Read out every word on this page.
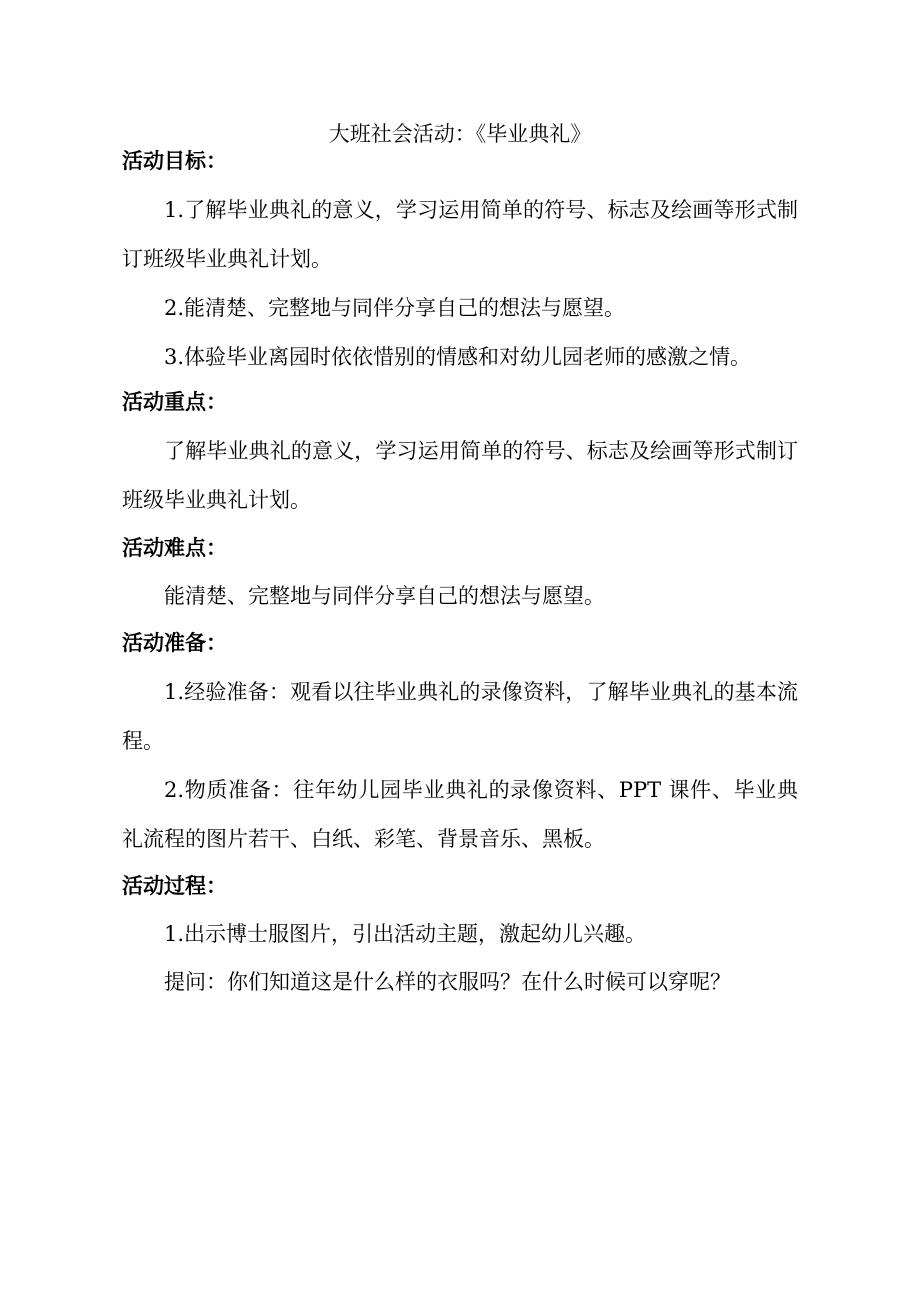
大班社会活动：《毕业典礼》
活动目标：

1.了解毕业典礼的意义，学习运用简单的符号、标志及绘画等形式制订班级毕业典礼计划。

2.能清楚、完整地与同伴分享自己的想法与愿望。

3.体验毕业离园时依依惜别的情感和对幼儿园老师的感激之情。

活动重点：

了解毕业典礼的意义，学习运用简单的符号、标志及绘画等形式制订班级毕业典礼计划。

活动难点：

能清楚、完整地与同伴分享自己的想法与愿望。

活动准备：

1.经验准备：观看以往毕业典礼的录像资料，了解毕业典礼的基本流程。

2.物质准备：往年幼儿园毕业典礼的录像资料、PPT 课件、毕业典礼流程的图片若干、白纸、彩笔、背景音乐、黑板。

活动过程：

1.出示博士服图片，引出活动主题，激起幼儿兴趣。

提问：你们知道这是什么样的衣服吗？在什么时候可以穿呢？
